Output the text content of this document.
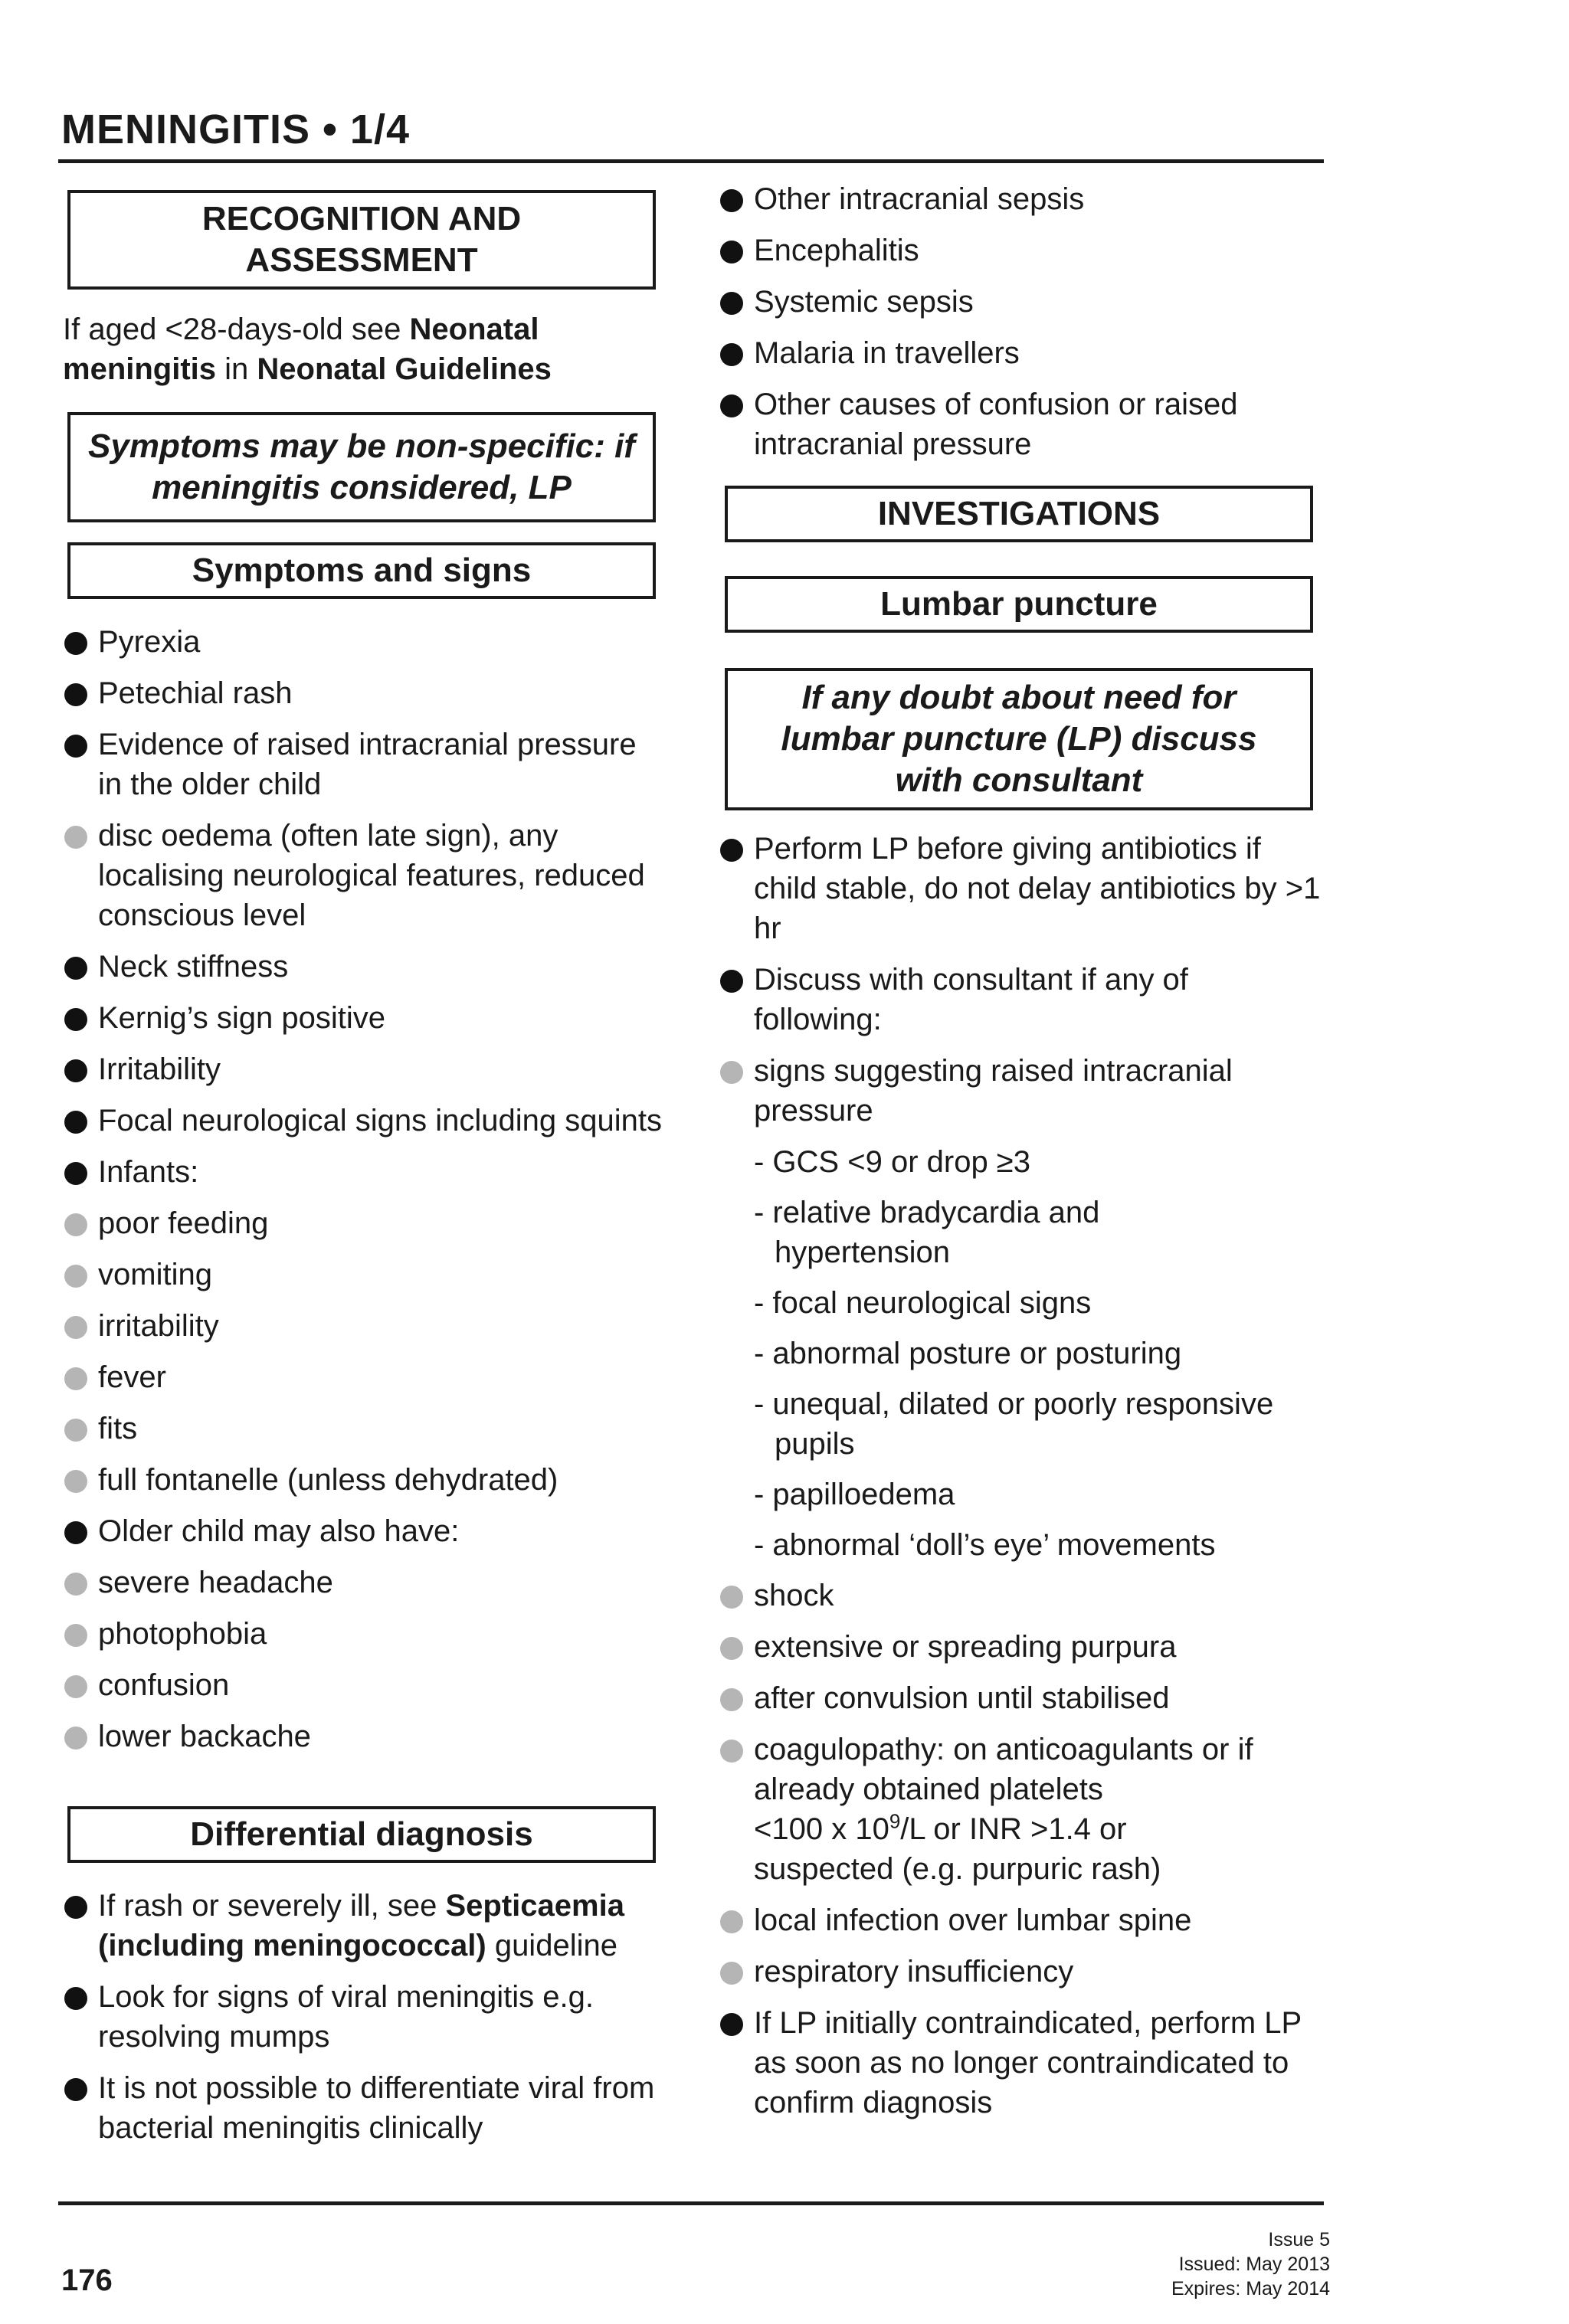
MENINGITIS • 1/4
RECOGNITION AND ASSESSMENT
If aged <28-days-old see Neonatal meningitis in Neonatal Guidelines
Symptoms may be non-specific: if meningitis considered, LP
Symptoms and signs
Pyrexia
Petechial rash
Evidence of raised intracranial pressure in the older child
disc oedema (often late sign), any localising neurological features, reduced conscious level
Neck stiffness
Kernig’s sign positive
Irritability
Focal neurological signs including squints
Infants:
poor feeding
vomiting
irritability
fever
fits
full fontanelle (unless dehydrated)
Older child may also have:
severe headache
photophobia
confusion
lower backache
Differential diagnosis
If rash or severely ill, see Septicaemia (including meningococcal) guideline
Look for signs of viral meningitis e.g. resolving mumps
It is not possible to differentiate viral from bacterial meningitis clinically
Other intracranial sepsis
Encephalitis
Systemic sepsis
Malaria in travellers
Other causes of confusion or raised intracranial pressure
INVESTIGATIONS
Lumbar puncture
If any doubt about need for lumbar puncture (LP) discuss with consultant
Perform LP before giving antibiotics if child stable, do not delay antibiotics by >1 hr
Discuss with consultant if any of following:
signs suggesting raised intracranial pressure
- GCS <9 or drop ≥3
- relative bradycardia and
hypertension
- focal neurological signs
- abnormal posture or posturing
- unequal, dilated or poorly responsive
pupils
- papilloedema
- abnormal ‘doll’s eye’ movements
shock
extensive or spreading purpura
after convulsion until stabilised
coagulopathy: on anticoagulants or if
already obtained platelets
<100 x $10^9/L$ or INR >1.4 or
suspected (e.g. purpuric rash)
local infection over lumbar spine
respiratory insufficiency
If LP initially contraindicated, perform LP as soon as no longer contraindicated to confirm diagnosis
176
Issue 5
Issued: May 2013
Expires: May 2014
